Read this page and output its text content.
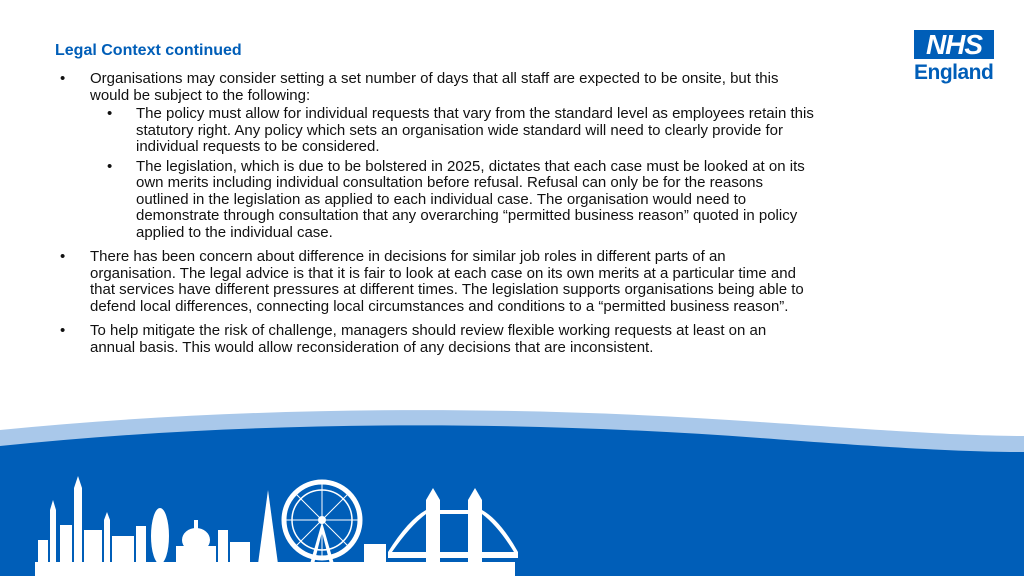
Legal Context continued	NHS
England
• Organisations may consider setting a set number of days that all staff are expected to be onsite, but this would be subject to the following:
• The policy must allow for individual requests that vary from the standard level as employees retain this statutory right. Any policy which sets an organisation wide standard will need to clearly provide for individual requests to be considered.
• The legislation, which is due to be bolstered in 2025, dictates that each case must be looked at on its own merits including individual consultation before refusal. Refusal can only be for the reasons outlined in the legislation as applied to each individual case. The organisation would need to demonstrate through consultation that any overarching “permitted business reason” quoted in policy applied to the individual case.
• There has been concern about difference in decisions for similar job roles in different parts of an organisation. The legal advice is that it is fair to look at each case on its own merits at a particular time and that services have different pressures at different times. The legislation supports organisations being able to defend local differences, connecting local circumstances and conditions to a “permitted business reason”.
• To help mitigate the risk of challenge, managers should review flexible working requests at least on an annual basis. This would allow reconsideration of any decisions that are inconsistent.
